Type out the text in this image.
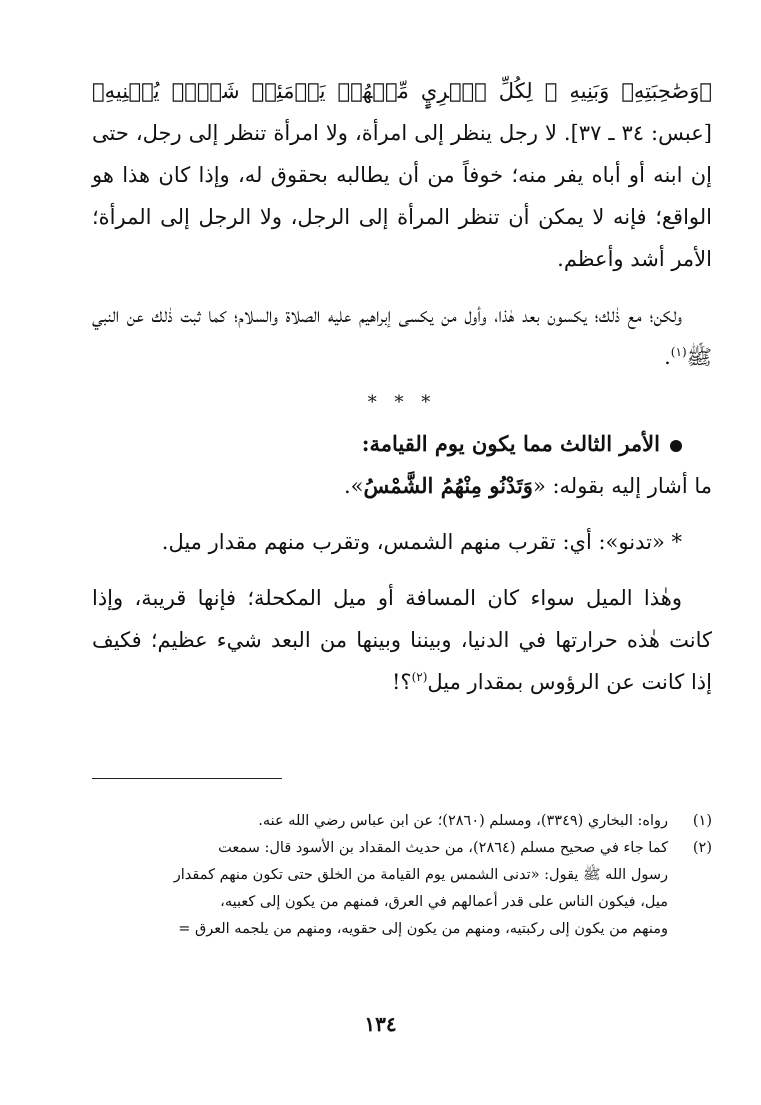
﴿وَصَٰحِبَتِهِۦ وَبَنِيهِ ۞ لِكُلِّ ٱمۡرِيٍٕ مِّنۡهُمۡ يَوۡمَئِذٖ شَأۡنٞ يُغۡنِيهِ﴾ [عبس: ٣٤ ـ ٣٧]. لا رجل ينظر إلى امرأة، ولا امرأة تنظر إلى رجل، حتى إن ابنه أو أباه يفر منه؛ خوفاً من أن يطالبه بحقوق له، وإذا كان هذا هو الواقع؛ فإنه لا يمكن أن تنظر المرأة إلى الرجل، ولا الرجل إلى المرأة؛ الأمر أشد وأعظم.

ولكن؛ مع ذٰلك؛ يكسون بعد هٰذا، وأول من يكسى إبراهيم عليه الصلاة والسلام؛ كما ثبت ذٰلك عن النبي ﷺ$^{(١)}$.

* * *
الأمر الثالث مما يكون يوم القيامة:

ما أشار إليه بقوله: «وَتَدْنُو مِنْهُمُ الشَّمْسُ».

* «تدنو»: أي: تقرب منهم الشمس، وتقرب منهم مقدار ميل.

وهٰذا الميل سواء كان المسافة أو ميل المكحلة؛ فإنها قريبة، وإذا كانت هٰذه حرارتها في الدنيا، وبيننا وبينها من البعد شيء عظيم؛ فكيف إذا كانت عن الرؤوس بمقدار ميل$^{(٢)}$؟!

(١)
رواه: البخاري (٣٣٤٩)، ومسلم (٢٨٦٠)؛ عن ابن عباس رضي الله عنه.
(٢)
كما جاء في صحيح مسلم (٢٨٦٤)، من حديث المقداد بن الأسود قال: سمعت
رسول الله ﷺ يقول: «تدنى الشمس يوم القيامة من الخلق حتى تكون منهم كمقدار
ميل، فيكون الناس على قدر أعمالهم في العرق، فمنهم من يكون إلى كعبيه،
ومنهم من يكون إلى ركبتيه، ومنهم من يكون إلى حقويه، ومنهم من يلجمه العرق =
١٣٤
